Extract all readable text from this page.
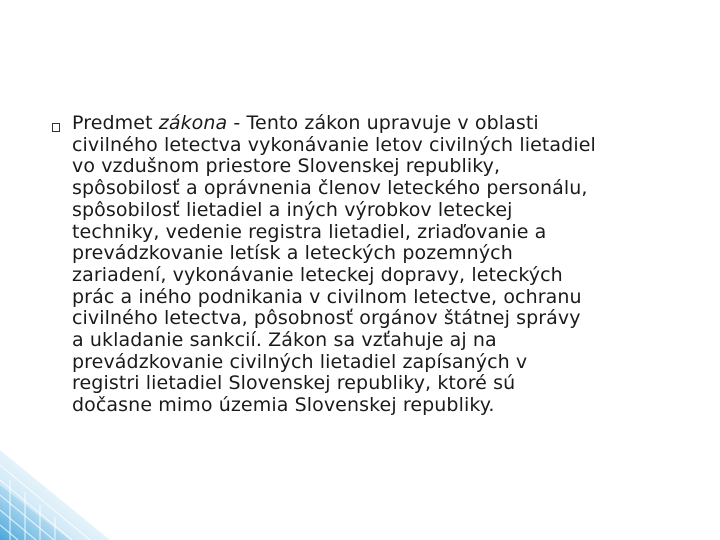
Predmet zákona - Tento zákon upravuje v oblasti
civilného letectva vykonávanie letov civilných lietadiel
vo vzdušnom priestore Slovenskej republiky,
spôsobilosť a oprávnenia členov leteckého personálu,
spôsobilosť lietadiel a iných výrobkov leteckej
techniky, vedenie registra lietadiel, zriaďovanie a
prevádzkovanie letísk a leteckých pozemných
zariadení, vykonávanie leteckej dopravy, leteckých
prác a iného podnikania v civilnom letectve, ochranu
civilného letectva, pôsobnosť orgánov štátnej správy
a ukladanie sankcií. Zákon sa vzťahuje aj na
prevádzkovanie civilných lietadiel zapísaných v
registri lietadiel Slovenskej republiky, ktoré sú
dočasne mimo územia Slovenskej republiky.
